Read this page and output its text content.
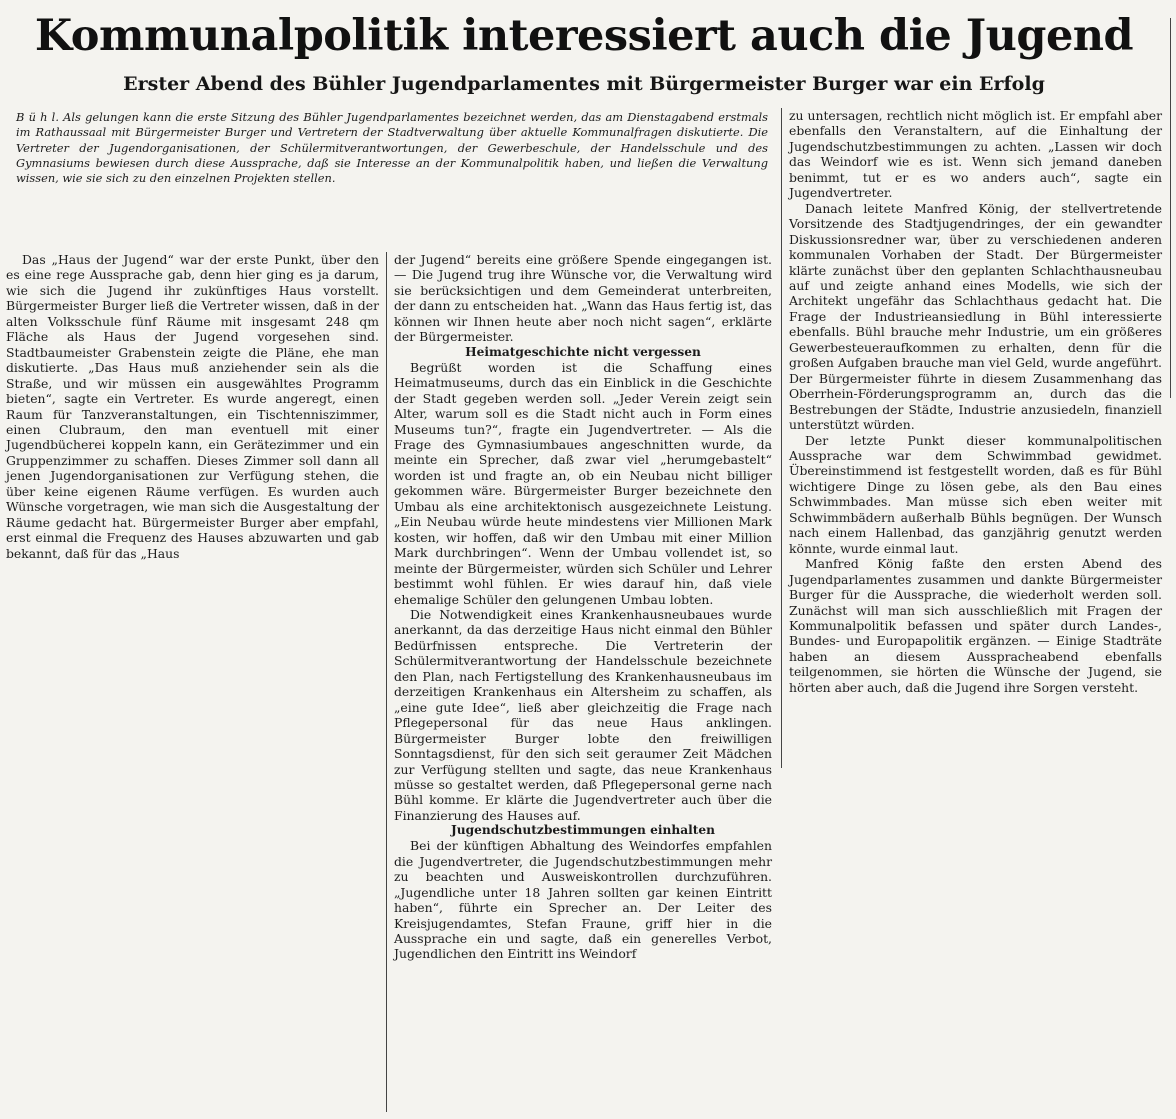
Kommunalpolitik interessiert auch die Jugend
Erster Abend des Bühler Jugendparlamentes mit Bürgermeister Burger war ein Erfolg
B ü h l. Als gelungen kann die erste Sitzung des Bühler Jugendparlamentes bezeichnet werden, das am Dienstagabend erstmals im Rathaussaal mit Bürgermeister Burger und Vertretern der Stadtverwaltung über aktuelle Kommunalfragen diskutierte. Die Vertreter der Jugendorganisationen, der Schülermitverantwortungen, der Gewerbeschule, der Handelsschule und des Gymnasiums bewiesen durch diese Aussprache, daß sie Interesse an der Kommunalpolitik haben, und ließen die Verwaltung wissen, wie sie sich zu den einzelnen Projekten stellen.

Das „Haus der Jugend“ war der erste Punkt, über den es eine rege Aussprache gab, denn hier ging es ja darum, wie sich die Jugend ihr zukünftiges Haus vorstellt. Bürgermeister Burger ließ die Vertreter wissen, daß in der alten Volksschule fünf Räume mit insgesamt 248 qm Fläche als Haus der Jugend vorgesehen sind. Stadtbaumeister Grabenstein zeigte die Pläne, ehe man diskutierte. „Das Haus muß anziehender sein als die Straße, und wir müssen ein ausgewähltes Programm bieten“, sagte ein Vertreter. Es wurde angeregt, einen Raum für Tanzveranstaltungen, ein Tischtenniszimmer, einen Clubraum, den man eventuell mit einer Jugendbücherei koppeln kann, ein Gerätezimmer und ein Gruppenzimmer zu schaffen. Dieses Zimmer soll dann all jenen Jugendorganisationen zur Verfügung stehen, die über keine eigenen Räume verfügen. Es wurden auch Wünsche vorgetragen, wie man sich die Ausgestaltung der Räume gedacht hat. Bürgermeister Burger aber empfahl, erst einmal die Frequenz des Hauses abzuwarten und gab bekannt, daß für das „Haus

der Jugend“ bereits eine größere Spende eingegangen ist. — Die Jugend trug ihre Wünsche vor, die Verwaltung wird sie berücksichtigen und dem Gemeinderat unterbreiten, der dann zu entscheiden hat. „Wann das Haus fertig ist, das können wir Ihnen heute aber noch nicht sagen“, erklärte der Bürgermeister.

Heimatgeschichte nicht vergessen

Begrüßt worden ist die Schaffung eines Heimatmuseums, durch das ein Einblick in die Geschichte der Stadt gegeben werden soll. „Jeder Verein zeigt sein Alter, warum soll es die Stadt nicht auch in Form eines Museums tun?“, fragte ein Jugendvertreter. — Als die Frage des Gymnasiumbaues angeschnitten wurde, da meinte ein Sprecher, daß zwar viel „herumgebastelt“ worden ist und fragte an, ob ein Neubau nicht billiger gekommen wäre. Bürgermeister Burger bezeichnete den Umbau als eine architektonisch ausgezeichnete Leistung. „Ein Neubau würde heute mindestens vier Millionen Mark kosten, wir hoffen, daß wir den Umbau mit einer Million Mark durchbringen“. Wenn der Umbau vollendet ist, so meinte der Bürgermeister, würden sich Schüler und Lehrer bestimmt wohl fühlen. Er wies darauf hin, daß viele ehemalige Schüler den gelungenen Umbau lobten.

Die Notwendigkeit eines Krankenhausneubaues wurde anerkannt, da das derzeitige Haus nicht einmal den Bühler Bedürfnissen entspreche. Die Vertreterin der Schülermitverantwortung der Handelsschule bezeichnete den Plan, nach Fertigstellung des Krankenhausneubaus im derzeitigen Krankenhaus ein Altersheim zu schaffen, als „eine gute Idee“, ließ aber gleichzeitig die Frage nach Pflegepersonal für das neue Haus anklingen. Bürgermeister Burger lobte den freiwilligen Sonntagsdienst, für den sich seit geraumer Zeit Mädchen zur Verfügung stellten und sagte, das neue Krankenhaus müsse so gestaltet werden, daß Pflegepersonal gerne nach Bühl komme. Er klärte die Jugendvertreter auch über die Finanzierung des Hauses auf.

Jugendschutzbestimmungen einhalten

Bei der künftigen Abhaltung des Weindorfes empfahlen die Jugendvertreter, die Jugendschutzbestimmungen mehr zu beachten und Ausweiskontrollen durchzuführen. „Jugendliche unter 18 Jahren sollten gar keinen Eintritt haben“, führte ein Sprecher an. Der Leiter des Kreisjugendamtes, Stefan Fraune, griff hier in die Aussprache ein und sagte, daß ein generelles Verbot, Jugendlichen den Eintritt ins Weindorf

zu untersagen, rechtlich nicht möglich ist. Er empfahl aber ebenfalls den Veranstaltern, auf die Einhaltung der Jugendschutzbestimmungen zu achten. „Lassen wir doch das Weindorf wie es ist. Wenn sich jemand daneben benimmt, tut er es wo anders auch“, sagte ein Jugendvertreter.

Danach leitete Manfred König, der stellvertretende Vorsitzende des Stadtjugendringes, der ein gewandter Diskussionsredner war, über zu verschiedenen anderen kommunalen Vorhaben der Stadt. Der Bürgermeister klärte zunächst über den geplanten Schlachthausneubau auf und zeigte anhand eines Modells, wie sich der Architekt ungefähr das Schlachthaus gedacht hat. Die Frage der Industrieansiedlung in Bühl interessierte ebenfalls. Bühl brauche mehr Industrie, um ein größeres Gewerbesteueraufkommen zu erhalten, denn für die großen Aufgaben brauche man viel Geld, wurde angeführt. Der Bürgermeister führte in diesem Zusammenhang das Oberrhein-Förderungsprogramm an, durch das die Bestrebungen der Städte, Industrie anzusiedeln, finanziell unterstützt würden.

Der letzte Punkt dieser kommunalpolitischen Aussprache war dem Schwimmbad gewidmet. Übereinstimmend ist festgestellt worden, daß es für Bühl wichtigere Dinge zu lösen gebe, als den Bau eines Schwimmbades. Man müsse sich eben weiter mit Schwimmbädern außerhalb Bühls begnügen. Der Wunsch nach einem Hallenbad, das ganzjährig genutzt werden könnte, wurde einmal laut.

Manfred König faßte den ersten Abend des Jugendparlamentes zusammen und dankte Bürgermeister Burger für die Aussprache, die wiederholt werden soll. Zunächst will man sich ausschließlich mit Fragen der Kommunalpolitik befassen und später durch Landes-, Bundes- und Europapolitik ergänzen. — Einige Stadträte haben an diesem Ausspracheabend ebenfalls teilgenommen, sie hörten die Wünsche der Jugend, sie hörten aber auch, daß die Jugend ihre Sorgen versteht.
